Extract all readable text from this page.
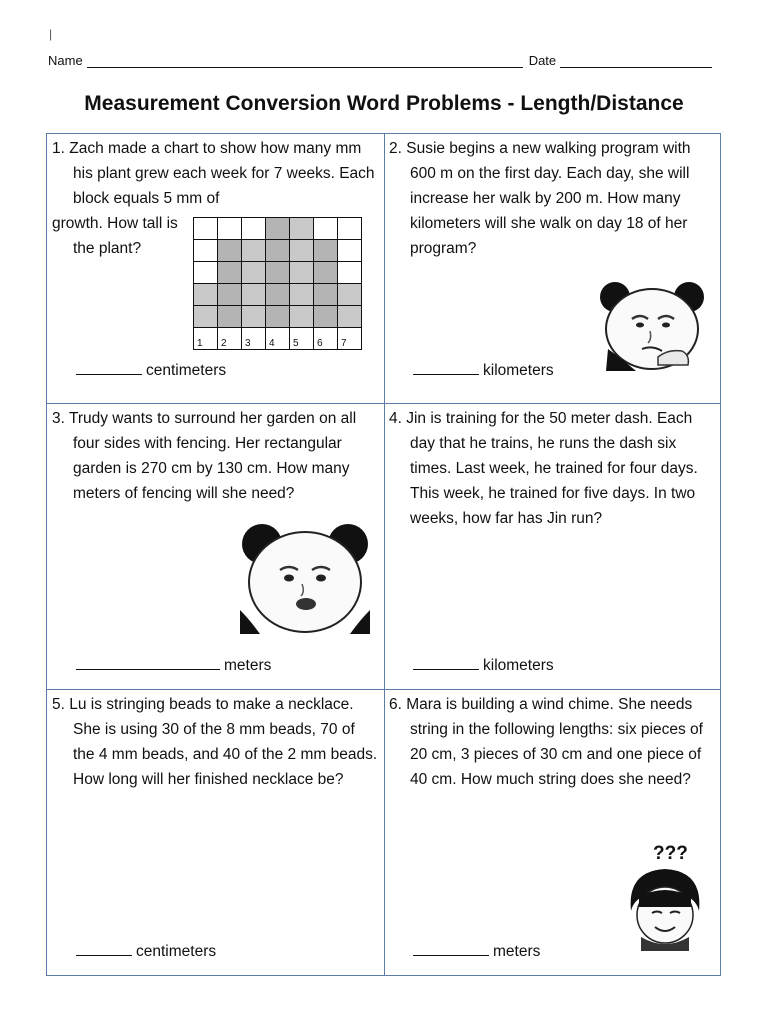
|
Name	Date
Measurement Conversion Word Problems - Length/Distance

1. Zach made a chart to show how many mm his plant grew each week for 7 weeks. Each block equals 5 mm of

growth. How tall is the plant?

1	2	3	4	5	6	7
centimeters

2. Susie begins a new walking program with 600 m on the first day. Each day, she will increase her walk by 200 m. How many kilometers will she walk on day 18 of her program?

kilometers

3. Trudy wants to surround her garden on all four sides with fencing. Her rectangular garden is 270 cm by 130 cm. How many meters of fencing will she need?

meters

4. Jin is training for the 50 meter dash. Each day that he trains, he runs the dash six times. Last week, he trained for four days. This week, he trained for five days. In two weeks, how far has Jin run?

kilometers

5. Lu is stringing beads to make a necklace. She is using 30 of the 8 mm beads, 70 of the 4 mm beads, and 40 of the 2 mm beads. How long will her finished necklace be?

centimeters

6. Mara is building a wind chime. She needs string in the following lengths: six pieces of 20 cm, 3 pieces of 30 cm and one piece of 40 cm. How much string does she need?

???
meters
